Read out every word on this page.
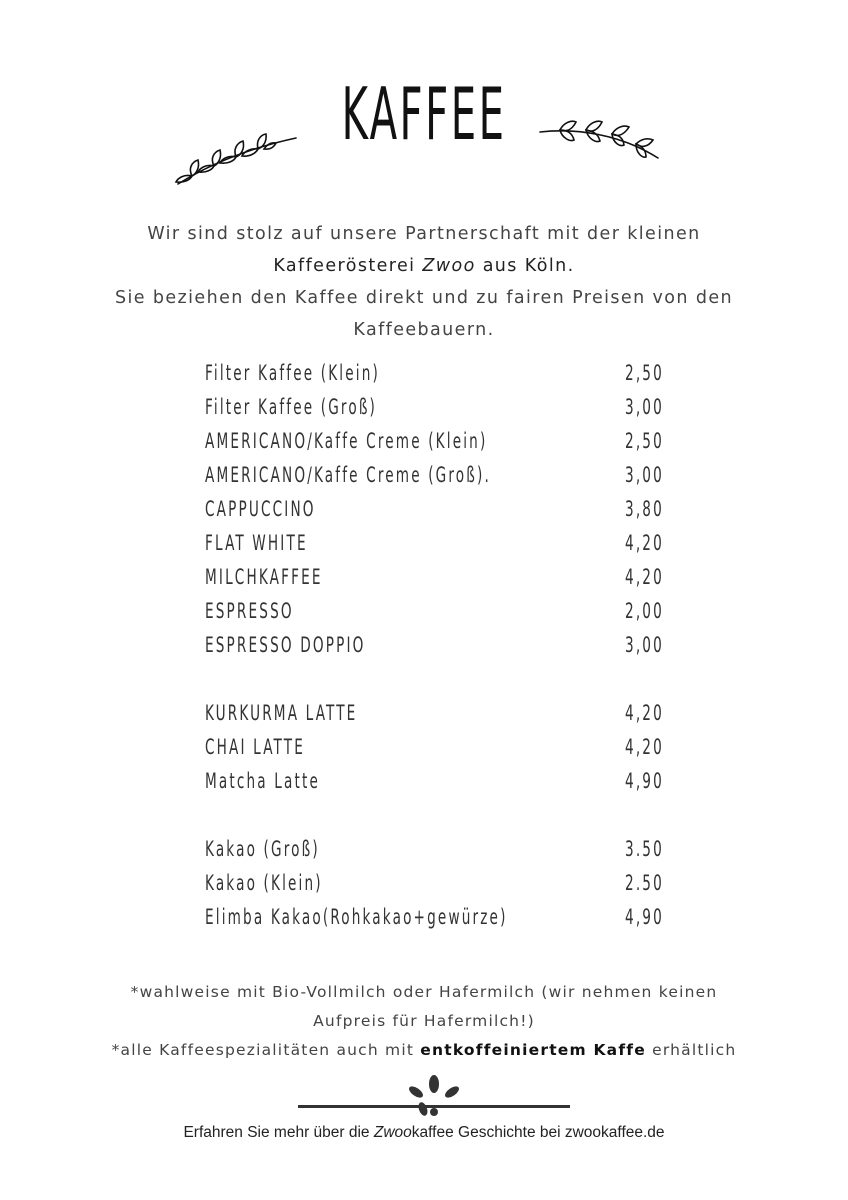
KAFFEE
Wir sind stolz auf unsere Partnerschaft mit der kleinen
Kaffeerösterei Zwoo aus Köln.
Sie beziehen den Kaffee direkt und zu fairen Preisen von den
Kaffeebauern.
Filter Kaffee (Klein)	2,50
Filter Kaffee (Groß)	3,00
AMERICANO/Kaffe Creme (Klein)	2,50
AMERICANO/Kaffe Creme (Groß).	3,00
CAPPUCCINO	3,80
FLAT WHITE	4,20
MILCHKAFFEE	4,20
ESPRESSO	2,00
ESPRESSO DOPPIO	3,00
KURKURMA LATTE	4,20
CHAI LATTE	4,20
Matcha Latte	4,90
Kakao (Groß)	3.50
Kakao (Klein)	2.50
Elimba Kakao(Rohkakao+gewürze)	4,90
*wahlweise mit Bio-Vollmilch oder Hafermilch (wir nehmen keinen
Aufpreis für Hafermilch!)
*alle Kaffeespezialitäten auch mit entkoffeiniertem Kaffe erhältlich
Erfahren Sie mehr über die Zwookaffee Geschichte bei zwookaffee.de
